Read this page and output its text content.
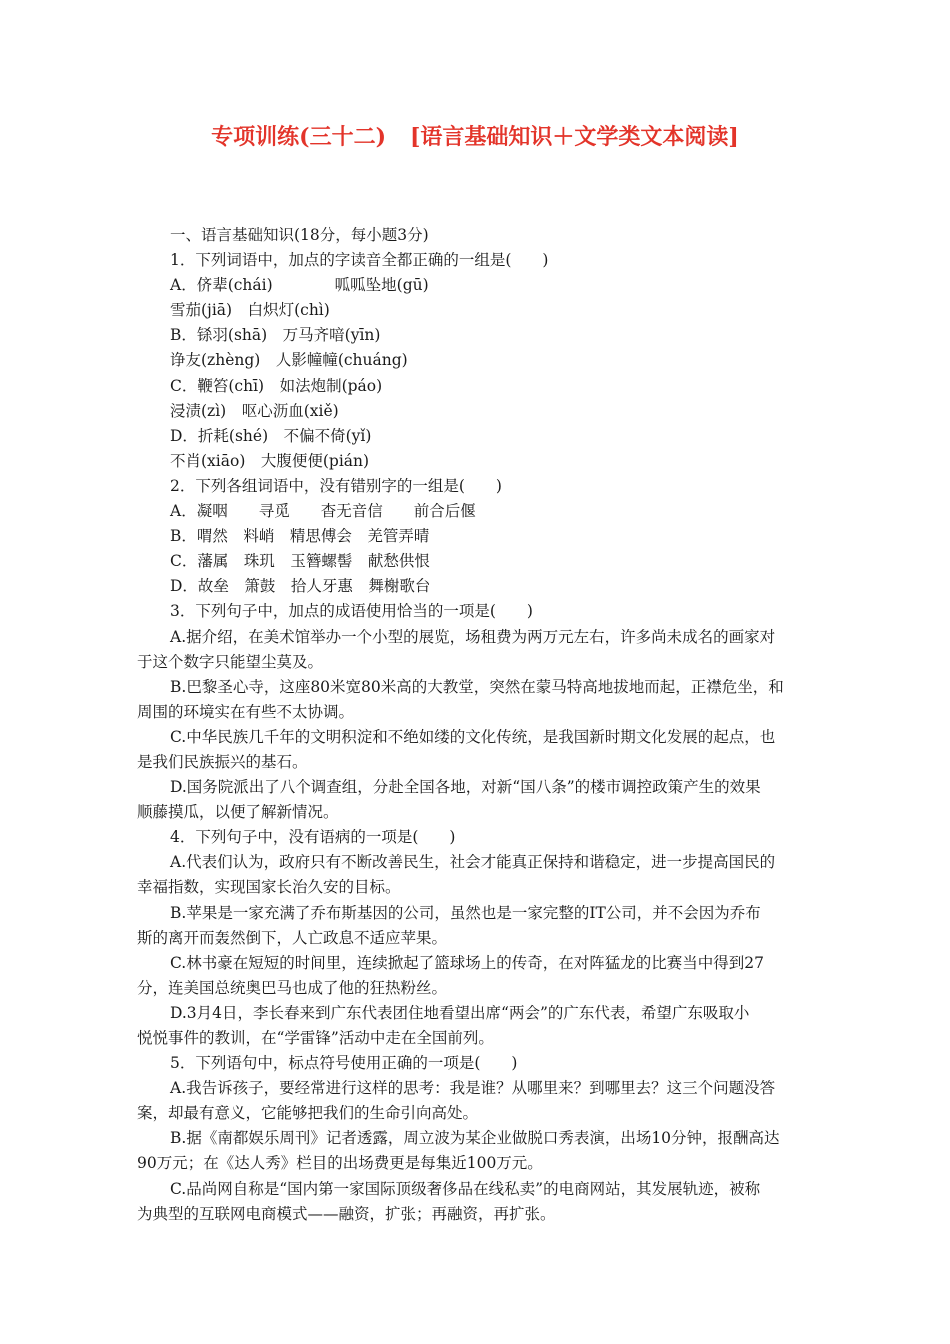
专项训练(三十二) [语言基础知识＋文学类文本阅读]

一、语言基础知识(18分，每小题3分)

1．下列词语中，加点的字读音全都正确的一组是(　　)

A．侪辈(chái)　　　　呱呱坠地(gū)

雪茄(jiā)　白炽灯(chì)

B．铩羽(shā)　万马齐喑(yīn)

诤友(zhèng)　人影幢幢(chuáng)

C．鞭笞(chī)　如法炮制(páo)

浸渍(zì)　呕心沥血(xiě)

D．折耗(shé)　不偏不倚(yǐ)

不肖(xiāo)　大腹便便(pián)

2．下列各组词语中，没有错别字的一组是(　　)

A．凝咽　　寻觅　　杳无音信　　前合后偃

B．喟然　料峭　精思傅会　羌管弄晴

C．藩属　珠玑　玉簪螺髻　献愁供恨

D．故垒　箫鼓　拾人牙惠　舞榭歌台

3．下列句子中，加点的成语使用恰当的一项是(　　)

A.据介绍，在美术馆举办一个小型的展览，场租费为两万元左右，许多尚未成名的画家对

于这个数字只能望尘莫及。

B.巴黎圣心寺，这座80米宽80米高的大教堂，突然在蒙马特高地拔地而起，正襟危坐，和

周围的环境实在有些不太协调。

C.中华民族几千年的文明积淀和不绝如缕的文化传统，是我国新时期文化发展的起点，也

是我们民族振兴的基石。

D.国务院派出了八个调查组，分赴全国各地，对新“国八条”的楼市调控政策产生的效果

顺藤摸瓜，以便了解新情况。

4．下列句子中，没有语病的一项是(　　)

A.代表们认为，政府只有不断改善民生，社会才能真正保持和谐稳定，进一步提高国民的

幸福指数，实现国家长治久安的目标。

B.苹果是一家充满了乔布斯基因的公司，虽然也是一家完整的IT公司，并不会因为乔布

斯的离开而轰然倒下，人亡政息不适应苹果。

C.林书豪在短短的时间里，连续掀起了篮球场上的传奇，在对阵猛龙的比赛当中得到27

分，连美国总统奥巴马也成了他的狂热粉丝。

D.3月4日，李长春来到广东代表团住地看望出席“两会”的广东代表，希望广东吸取小

悦悦事件的教训，在“学雷锋”活动中走在全国前列。

5．下列语句中，标点符号使用正确的一项是(　　)

A.我告诉孩子，要经常进行这样的思考：我是谁？从哪里来？到哪里去？这三个问题没答

案，却最有意义，它能够把我们的生命引向高处。

B.据《南都娱乐周刊》记者透露，周立波为某企业做脱口秀表演，出场10分钟，报酬高达

90万元；在《达人秀》栏目的出场费更是每集近100万元。

C.品尚网自称是“国内第一家国际顶级奢侈品在线私卖”的电商网站，其发展轨迹，被称

为典型的互联网电商模式——融资，扩张；再融资，再扩张。
